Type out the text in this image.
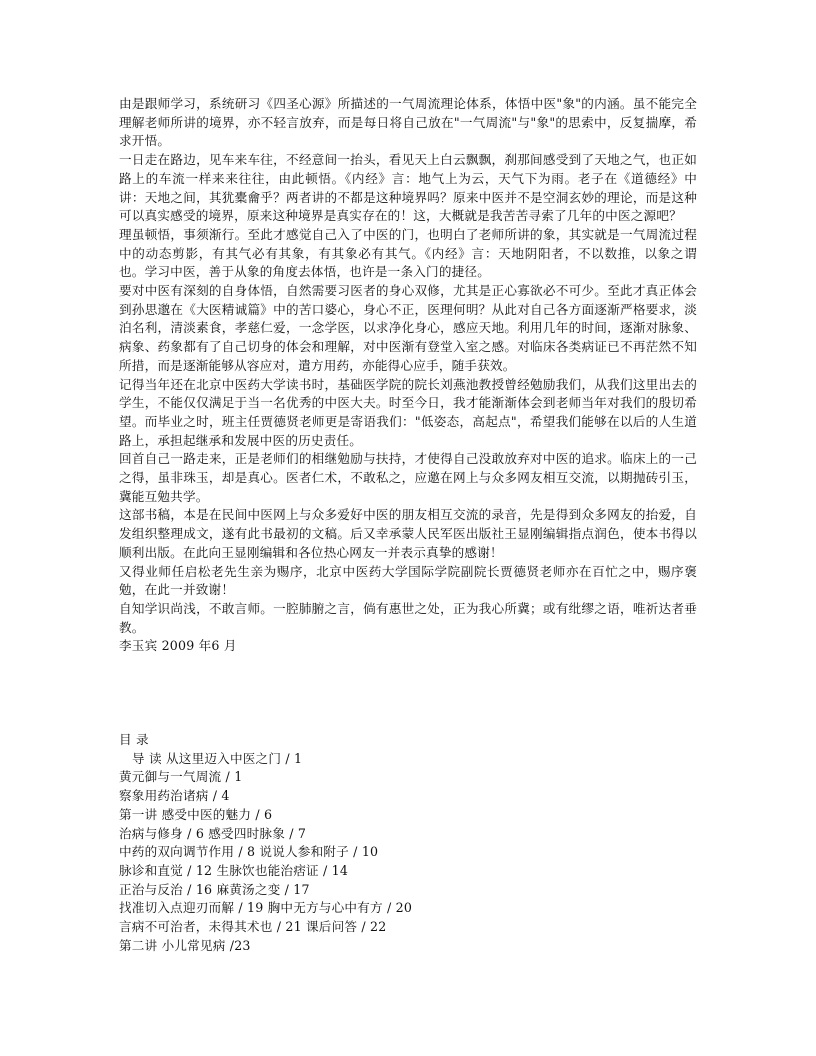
由是跟师学习，系统研习《四圣心源》所描述的一气周流理论体系，体悟中医"象"的内涵。虽不能完全理解老师所讲的境界，亦不轻言放弃，而是每日将自己放在"一气周流"与"象"的思索中，反复揣摩，希求开悟。

一日走在路边，见车来车往，不经意间一抬头，看见天上白云飘飘，刹那间感受到了天地之气，也正如路上的车流一样来来往往，由此顿悟。《内经》言：地气上为云，天气下为雨。老子在《道德经》中讲：天地之间，其犹橐龠乎？两者讲的不都是这种境界吗？原来中医并不是空洞玄妙的理论，而是这种可以真实感受的境界，原来这种境界是真实存在的！这，大概就是我苦苦寻索了几年的中医之源吧？

理虽顿悟，事须渐行。至此才感觉自己入了中医的门，也明白了老师所讲的象，其实就是一气周流过程中的动态剪影，有其气必有其象，有其象必有其气。《内经》言：天地阴阳者，不以数推，以象之谓也。学习中医，善于从象的角度去体悟，也许是一条入门的捷径。

要对中医有深刻的自身体悟，自然需要习医者的身心双修，尤其是正心寡欲必不可少。至此才真正体会到孙思邈在《大医精诚篇》中的苦口婆心，身心不正，医理何明？从此对自己各方面逐渐严格要求，淡泊名利，清淡素食，孝慈仁爱，一念学医，以求净化身心，感应天地。利用几年的时间，逐渐对脉象、病象、药象都有了自己切身的体会和理解，对中医渐有登堂入室之感。对临床各类病证已不再茫然不知所措，而是逐渐能够从容应对，遣方用药，亦能得心应手，随手获效。

记得当年还在北京中医药大学读书时，基础医学院的院长刘燕池教授曾经勉励我们，从我们这里出去的学生，不能仅仅满足于当一名优秀的中医大夫。时至今日，我才能渐渐体会到老师当年对我们的殷切希望。而毕业之时，班主任贾德贤老师更是寄语我们："低姿态，高起点"，希望我们能够在以后的人生道路上，承担起继承和发展中医的历史责任。

回首自己一路走来，正是老师们的相继勉励与扶持，才使得自己没敢放弃对中医的追求。临床上的一己之得，虽非珠玉，却是真心。医者仁术，不敢私之，应邀在网上与众多网友相互交流，以期抛砖引玉，冀能互勉共学。

这部书稿，本是在民间中医网上与众多爱好中医的朋友相互交流的录音，先是得到众多网友的抬爱，自发组织整理成文，遂有此书最初的文稿。后又幸承蒙人民军医出版社王显刚编辑指点润色，使本书得以顺利出版。在此向王显刚编辑和各位热心网友一并表示真挚的感谢！

又得业师任启松老先生亲为赐序，北京中医药大学国际学院副院长贾德贤老师亦在百忙之中，赐序褒勉，在此一并致谢！

自知学识尚浅，不敢言师。一腔肺腑之言，倘有惠世之处，正为我心所冀；或有纰缪之语，唯祈达者垂教。

李玉宾 2009 年6 月

目 录

导 读 从这里迈入中医之门 / 1

黄元御与一气周流 / 1

察象用药治诸病 / 4

第一讲 感受中医的魅力 / 6

治病与修身 / 6 感受四时脉象 / 7

中药的双向调节作用 / 8 说说人参和附子 / 10

脉诊和直觉 / 12 生脉饮也能治痞证 / 14

正治与反治 / 16 麻黄汤之变 / 17

找准切入点迎刃而解 / 19 胸中无方与心中有方 / 20

言病不可治者，未得其术也 / 21 课后问答 / 22

第二讲 小儿常见病 /23
